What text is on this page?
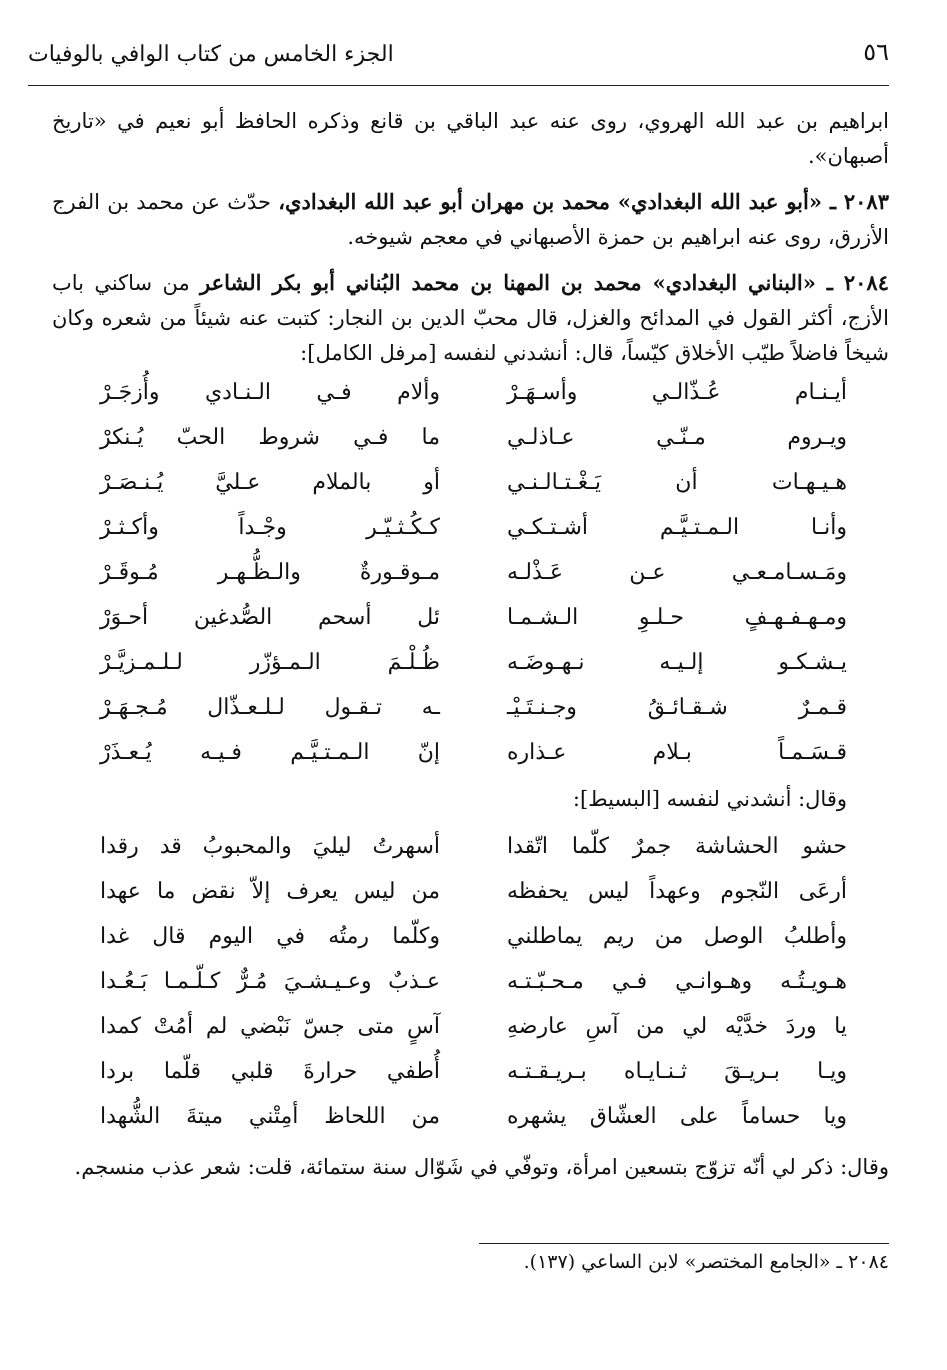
٥٦
الجزء الخامس من كتاب الوافي بالوفيات
ابراهيم بن عبد الله الهروي، روى عنه عبد الباقي بن قانع وذكره الحافظ أبو نعيم في «تاريخ أصبهان».
٢٠٨٣ ـ «أبو عبد الله البغدادي» محمد بن مهران أبو عبد الله البغدادي، حدّث عن محمد بن الفرج الأزرق، روى عنه ابراهيم بن حمزة الأصبهاني في معجم شيوخه.
٢٠٨٤ ـ «البناني البغدادي» محمد بن المهنا بن محمد البُناني أبو بكر الشاعر من ساكني باب الأزج، أكثر القول في المدائح والغزل، قال محبّ الدين بن النجار: كتبت عنه شيئاً من شعره وكان شيخاً فاضلاً طيّب الأخلاق كيّساً، قال: أنشدني لنفسه [مرفل الكامل]:
أيـنـام عُـذّالـي وأسـهَـرْ
وألام فـي الـنـادي وأُزجَـرْ
ويـروم مـنّـي عـاذلـي
ما فـي شروط الحبّ يُـنكرْ
هـيـهـات أن يَـغْـتـالـنـي
أو بالملام عـليَّ يُـنـصَـرْ
وأنـا الـمـتـيَّـم أشـتـكـي
كـكُـثـيّـر وجْـداً وأكـثـرْ
ومَـسـامـعـي عـن عَـذْلـه
مـوقـورةٌ والـظُّـهـر مُـوقَـرْ
ومـهـفـهـفٍ حـلـوِ الـشـمـا
ئل أسحم الصُّدغين أحـوَرْ
يـشـكـو إلـيـه نـهـوضَـه
ظُـلْـمَ الـمـؤزّر لـلـمـزيَّـرْ
قـمـرٌ شـقـائـقُ وجـنـتَـيْـ
ـه تـقـول لـلـعـذّال مُـجـهَـرْ
قـسَـمـاً بـلام عـذاره
إنّ الـمـتـيَّـم فـيـه يُـعـذَرْ
وقال: أنشدني لنفسه [البسيط]:
حشو الحشاشة جمرٌ كلّما اتّقدا
أسهرتُ ليليَ والمحبوبُ قد رقدا
أرعَى النّجوم وعهداً ليس يحفظه
من ليس يعرف إلاّ نقض ما عهدا
وأطلبُ الوصل من ريم يماطلني
وكلّما رمتُه في اليوم قال غدا
هـويـتُـه وهـوانـي فـي مـحـبّـتـه
عـذبٌ وعـيـشـيَ مُـرٌّ كـلّـمـا بَـعُـدا
يا وردَ خدَّيْه لي من آسِ عارضهِ
آسٍ متى جسّ نَبْضي لم أمُتْ كمدا
ويـا بـريـقَ ثـنـايـاه بـريـقـتـه
أُطفي حرارةَ قلبي قلّما بردا
ويا حساماً على العشّاق يشهره
من اللحاظ أمِتْني ميتةَ الشُّهدا
وقال: ذكر لي أنّه تزوّج بتسعين امرأة، وتوفّي في شَوّال سنة ستمائة، قلت: شعر عذب منسجم.
٢٠٨٤ ـ «الجامع المختصر» لابن الساعي (١٣٧).
